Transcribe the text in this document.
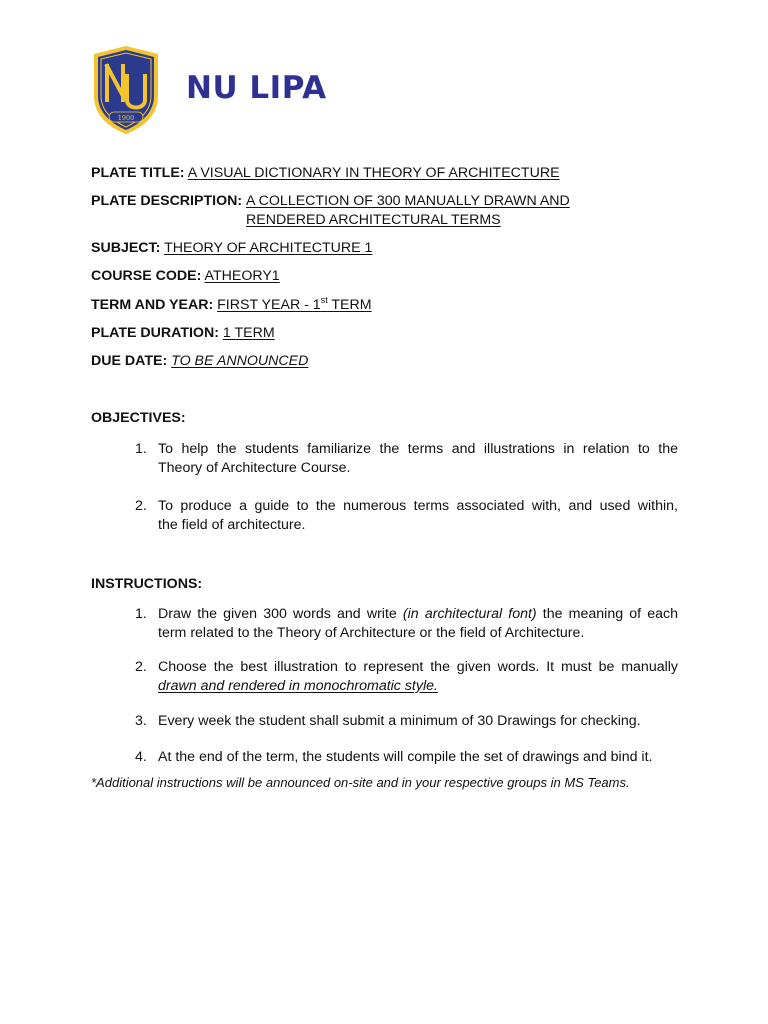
1900
NU LIPA
PLATE TITLE: A VISUAL DICTIONARY IN THEORY OF ARCHITECTURE
PLATE DESCRIPTION: A COLLECTION OF 300 MANUALLY DRAWN AND
RENDERED ARCHITECTURAL TERMS
SUBJECT: THEORY OF ARCHITECTURE 1
COURSE CODE: ATHEORY1
TERM AND YEAR: FIRST YEAR - 1st TERM
PLATE DURATION: 1 TERM
DUE DATE: TO BE ANNOUNCED
OBJECTIVES:
1. To help the students familiarize the terms and illustrations in relation to the
Theory of Architecture Course.
2. To produce a guide to the numerous terms associated with, and used within,
the field of architecture.
INSTRUCTIONS:
1. Draw the given 300 words and write (in architectural font) the meaning of each
term related to the Theory of Architecture or the field of Architecture.
2. Choose the best illustration to represent the given words. It must be manually
drawn and rendered in monochromatic style.
3. Every week the student shall submit a minimum of 30 Drawings for checking.
4. At the end of the term, the students will compile the set of drawings and bind it.
*Additional instructions will be announced on-site and in your respective groups in MS Teams.
